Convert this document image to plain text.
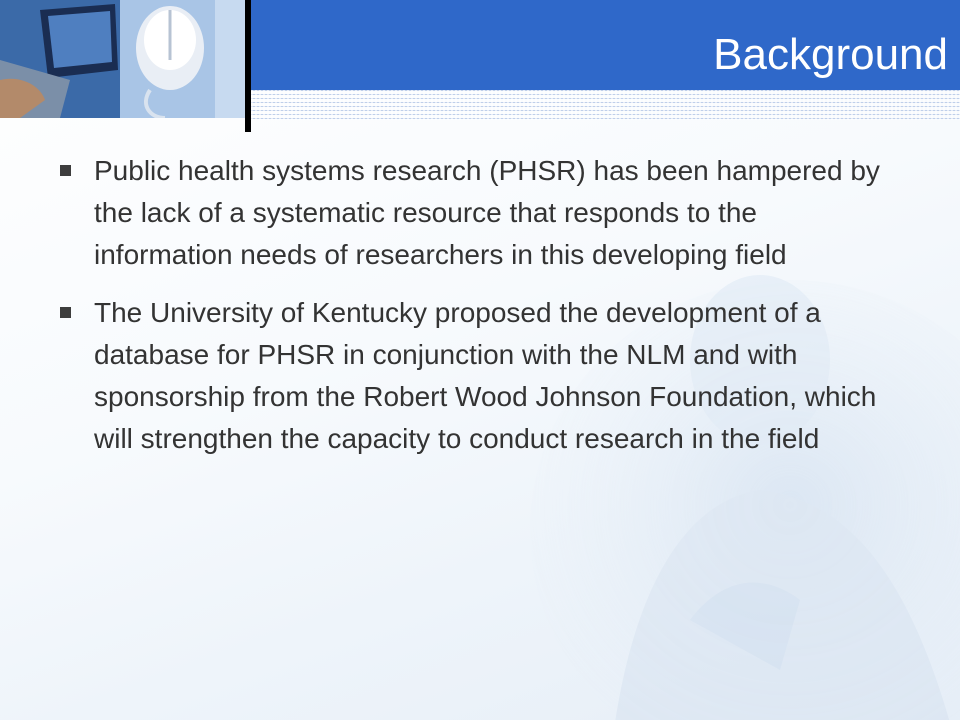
Background
Public health systems research (PHSR) has been hampered by the lack of a systematic resource that responds to the information needs of researchers in this developing field
The University of Kentucky proposed the development of a database for PHSR in conjunction with the NLM and with sponsorship from the Robert Wood Johnson Foundation, which will strengthen the capacity to conduct research in the field
